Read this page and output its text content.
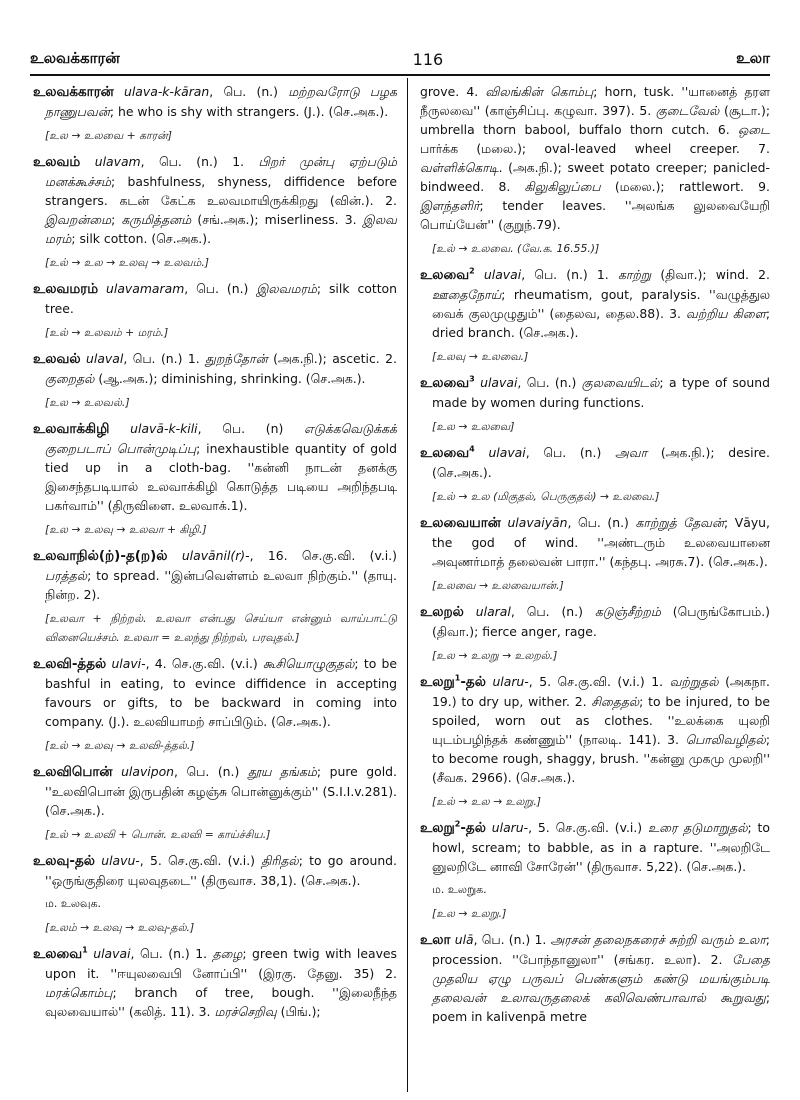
உலவக்காரன்	116	உலா
உலவக்காரன் ulava-k-kāran, பெ. (n.) மற்றவரோடு பழக நாணுபவன்; he who is shy with strangers. (J.). (செ.அக.).
[உல → உலவை + காரன்]
உலவம் ulavam, பெ. (n.) 1. பிறர் முன்பு ஏற்படும் மனக்கூச்சம்; bashfulness, shyness, diffidence before strangers. கடன் கேட்க உலவமாயிருக்கிறது (வின்.). 2. இவறன்மை; கருமித்தனம் (சங்.அக.); miserliness. 3. இலவ மரம்; silk cotton. (செ.அக.).
[உல் → உல → உலவு → உலவம்.]
உலவமரம் ulavamaram, பெ. (n.) இலவமரம்; silk cotton tree.
[உல் → உலவம் + மரம்.]
உலவல் ulaval, பெ. (n.) 1. துறந்தோன் (அக.நி.); ascetic. 2. குறைதல் (ஆ.அக.); diminishing, shrinking. (செ.அக.).
[உல → உலவல்.]
உலவாக்கிழி ulavā-k-kili, பெ. (n) எடுக்கவெடுக்கக் குறைபடாப் பொன்முடிப்பு; inexhaustible quantity of gold tied up in a cloth-bag. ''கன்னி நாடன் தனக்கு இசைந்தபடியால் உலவாக்கிழி கொடுத்த படியை அறிந்தபடி பகர்வாம்'' (திருவிளை. உலவாக்.1).
[உல → உலவு → உலவா + கிழி.]
உலவாநில்(ற்)-த(ற)ல் ulavānil(r)-, 16. செ.கு.வி. (v.i.) பரத்தல்; to spread. ''இன்பவெள்ளம் உலவா நிற்கும்.'' (தாயு. நின்ற. 2).
[உலவா + நிற்றல். உலவா என்பது செய்யா என்னும் வாய்பாட்டு வினையெச்சம். உலவா = உலந்து நிற்றல், பரவுதல்.]
உலவி-த்தல் ulavi-, 4. செ.கு.வி. (v.i.) கூசியொழுகுதல்; to be bashful in eating, to evince diffidence in accepting favours or gifts, to be backward in coming into company. (J.). உலவியாமற் சாப்பிடும். (செ.அக.).
[உல் → உலவு → உலவி-த்தல்.]
உலவிபொன் ulavipon, பெ. (n.) தூய தங்கம்; pure gold. ''உலவிபொன் இருபதின் கழஞ்சு பொன்னுக்கும்'' (S.I.I.v.281). (செ.அக.).
[உல் → உலவி + பொன். உலவி = காய்ச்சிய.]
உலவு-தல் ulavu-, 5. செ.கு.வி. (v.i.) திரிதல்; to go around. ''ஒருங்குதிரை யுலவுதடை'' (திருவாச. 38,1). (செ.அக.).
ம. உலவுக.
[உலம் → உலவு → உலவு-தல்.]
உலவை$^1$ ulavai, பெ. (n.) 1. தழை; green twig with leaves upon it. ''ஈயுலவைபி னோப்பி'' (இரகு. தேனு. 35) 2. மரக்கொம்பு; branch of tree, bough. ''இலைநீந்த வுலவையால்'' (கலித். 11). 3. மரச்செறிவு (பிங்.);
grove. 4. விலங்கின் கொம்பு; horn, tusk. ''யானைத் தரள நீருலவை'' (காஞ்சிப்பு. கழுவா. 397). 5. குடைவேல் (சூடா.); umbrella thorn babool, buffalo thorn cutch. 6. ஒடை பார்க்க (மலை.); oval-leaved wheel creeper. 7. வள்ளிக்கொடி. (அக.நி.); sweet potato creeper; panicled-bindweed. 8. கிலுகிலுப்பை (மலை.); rattlewort. 9. இளந்தளிர்; tender leaves. ''அலங்க லுலவையேறி பொய்யேன்'' (குறுந்.79).
[உல் → உலவை. (வே.க. 16.55.)]
உலவை$^2$ ulavai, பெ. (n.) 1. காற்று (திவா.); wind. 2. ஊதைநோய்; rheumatism, gout, paralysis. ''வழுத்துல வைக் குலமுழுதும்'' (தைலவ, தைல.88). 3. வற்றிய கிளை; dried branch. (செ.அக.).
[உலவு → உலவை.]
உலவை$^3$ ulavai, பெ. (n.) குலவையிடல்; a type of sound made by women during functions.
[உல → உலவை]
உலவை$^4$ ulavai, பெ. (n.) அவா (அக.நி.); desire. (செ.அக.).
[உல் → உல (மிகுதல், பெருகுதல்) → உலவை.]
உலவையான் ulavaiyān, பெ. (n.) காற்றுத் தேவன்; Vāyu, the god of wind. ''அண்டரும் உலவையானை அவுணர்மாத் தலைவன் பாரா.'' (கந்தபு. அரசு.7). (செ.அக.).
[உலவை → உலவையான்.]
உலறல் ularal, பெ. (n.) கடுஞ்சீற்றம் (பெருங்கோபம்.) (திவா.); fierce anger, rage.
[உல → உலறு → உலறல்.]
உலறு$^1$-தல் ularu-, 5. செ.கு.வி. (v.i.) 1. வற்றுதல் (அகநா. 19.) to dry up, wither. 2. சிதைதல்; to be injured, to be spoiled, worn out as clothes. ''உலக்கை யுலறி யுடம்பழிந்தக் கண்ணும்'' (நாலடி. 141). 3. பொலிவழிதல்; to become rough, shaggy, brush. ''கன்னு முகமு முலறி'' (சீவக. 2966). (செ.அக.).
[உல் → உல → உலறு.]
உலறு$^2$-தல் ularu-, 5. செ.கு.வி. (v.i.) உரை தடுமாறுதல்; to howl, scream; to babble, as in a rapture. ''அலறிடே னுலறிடே னாவி சோரேன்'' (திருவாச. 5,22). (செ.அக.).
ம. உலறுக.
[உல → உலறு.]
உலா ulā, பெ. (n.) 1. அரசன் தலைநகரைச் சுற்றி வரும் உலா; procession. ''போந்தானுலா'' (சங்கர. உலா). 2. பேதை முதலிய ஏழு பருவப் பெண்களும் கண்டு மயங்கும்படி தலைவன் உலாவருதலைக் கலிவெண்பாவால் கூறுவது; poem in kalivenpā metre
